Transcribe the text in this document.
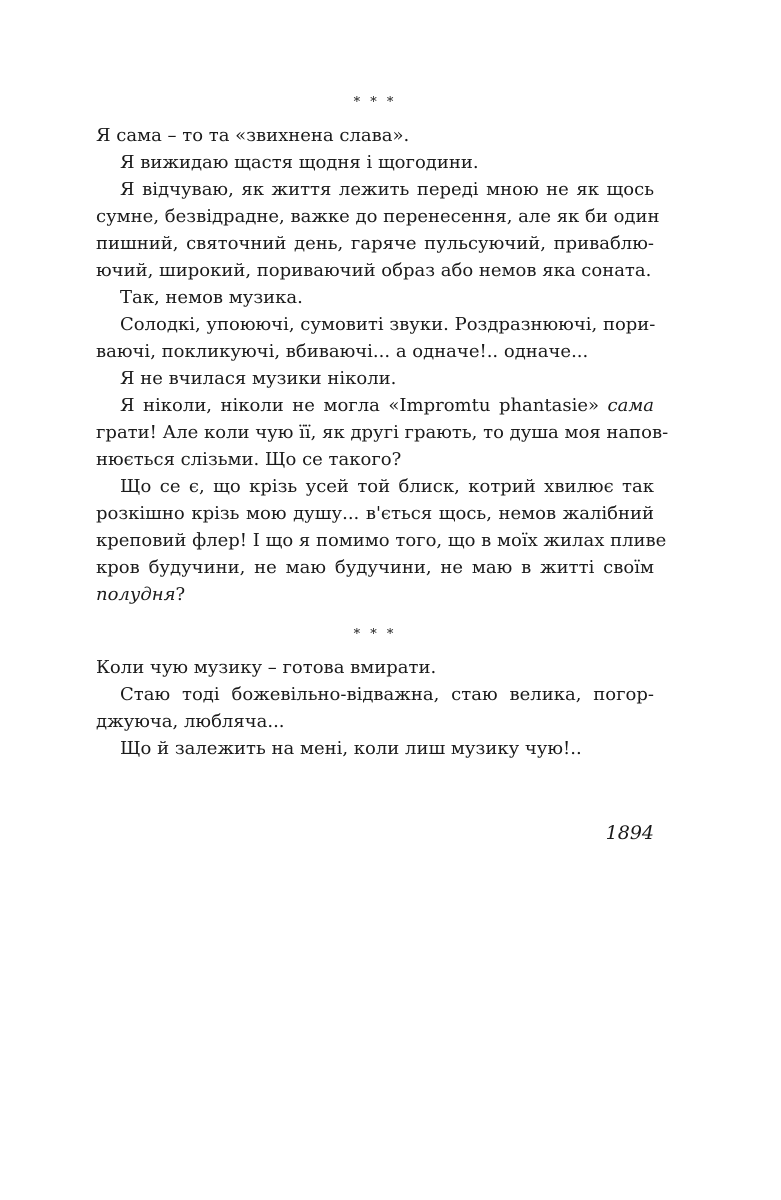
* * *
Я сама – то та «звихнена слава».
Я вижидаю щастя щодня і щогодини.
Я відчуваю, як життя лежить переді мною не як щось
сумне, безвідрадне, важке до перенесення, але як би один
пишний, святочний день, гаряче пульсуючий, приваблю-
ючий, широкий, пориваючий образ або немов яка соната.
Так, немов музика.
Солодкі, упоюючі, сумовиті звуки. Роздразнюючі, пори-
ваючі, покликуючі, вбиваючі... а одначе!.. одначе...
Я не вчилася музики ніколи.
Я ніколи, ніколи не могла «Impromtu phantasie» сама
грати! Але коли чую її, як другі грають, то душа моя напов-
нюється слізьми. Що се такого?
Що се є, що крізь усей той блиск, котрий хвилює так
розкішно крізь мою душу... в'ється щось, немов жалібний
креповий флер! І що я помимо того, що в моїх жилах пливе
кров будучини, не маю будучини, не маю в житті своїм
полудня?
* * *
Коли чую музику – готова вмирати.
Стаю тоді божевільно-відважна, стаю велика, погор-
джуюча, любляча...
Що й залежить на мені, коли лиш музику чую!..
1894
